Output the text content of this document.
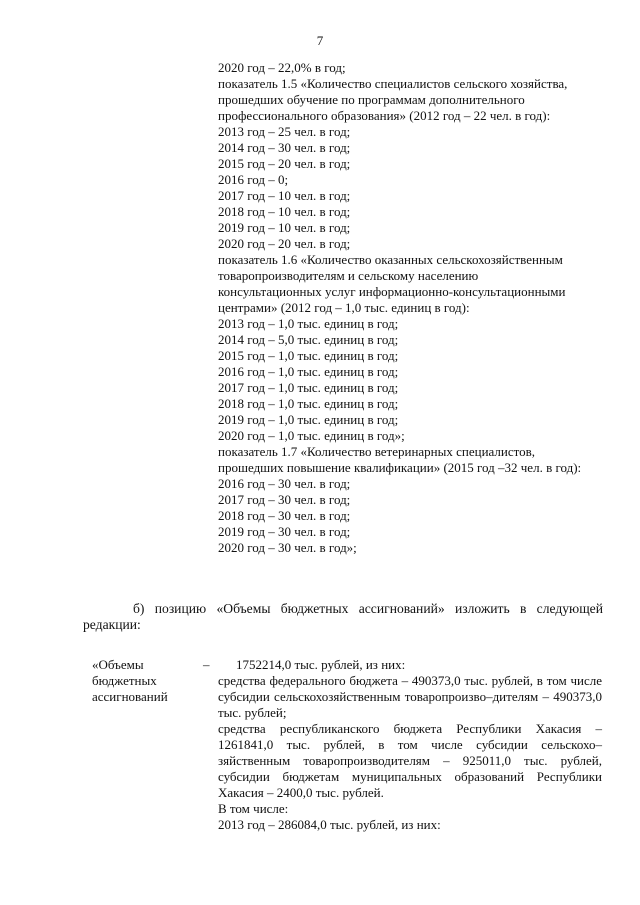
7
2020 год – 22,0% в год;
показатель 1.5 «Количество специалистов сельского хозяйства,
прошедших обучение по программам дополнительного
профессионального образования» (2012 год – 22 чел. в год):
2013 год – 25 чел. в год;
2014 год – 30 чел. в год;
2015 год – 20 чел. в год;
2016 год – 0;
2017 год – 10 чел. в год;
2018 год – 10 чел. в год;
2019 год – 10 чел. в год;
2020 год – 20 чел. в год;
показатель 1.6 «Количество оказанных сельскохозяйственным
товаропроизводителям и сельскому населению
консультационных услуг информационно-консультационными
центрами» (2012 год – 1,0 тыс. единиц в год):
2013 год – 1,0 тыс. единиц в год;
2014 год – 5,0 тыс. единиц в год;
2015 год – 1,0 тыс. единиц в год;
2016 год – 1,0 тыс. единиц в год;
2017 год – 1,0 тыс. единиц в год;
2018 год – 1,0 тыс. единиц в год;
2019 год – 1,0 тыс. единиц в год;
2020 год – 1,0 тыс. единиц в год»;
показатель 1.7 «Количество ветеринарных специалистов,
прошедших повышение квалификации» (2015 год –32 чел. в год):
2016 год – 30 чел. в год;
2017 год – 30 чел. в год;
2018 год – 30 чел. в год;
2019 год – 30 чел. в год;
2020 год – 30 чел. в год»;
б) позицию «Объемы бюджетных ассигнований» изложить в следующей
редакции:
«Объемы
бюджетных
ассигнований
–	1752214,0 тыс. рублей, из них:
средства федерального бюджета – 490373,0 тыс. рублей, в том числе субсидии сельскохозяйственным товаропроизво–дителям – 490373,0 тыс. рублей;
средства республиканского бюджета Республики Хакасия – 1261841,0 тыс. рублей, в том числе субсидии сельскохо–зяйственным товаропроизводителям – 925011,0 тыс. рублей, субсидии бюджетам муниципальных образований Республики Хакасия – 2400,0 тыс. рублей.
В том числе:
2013 год – 286084,0 тыс. рублей, из них:
